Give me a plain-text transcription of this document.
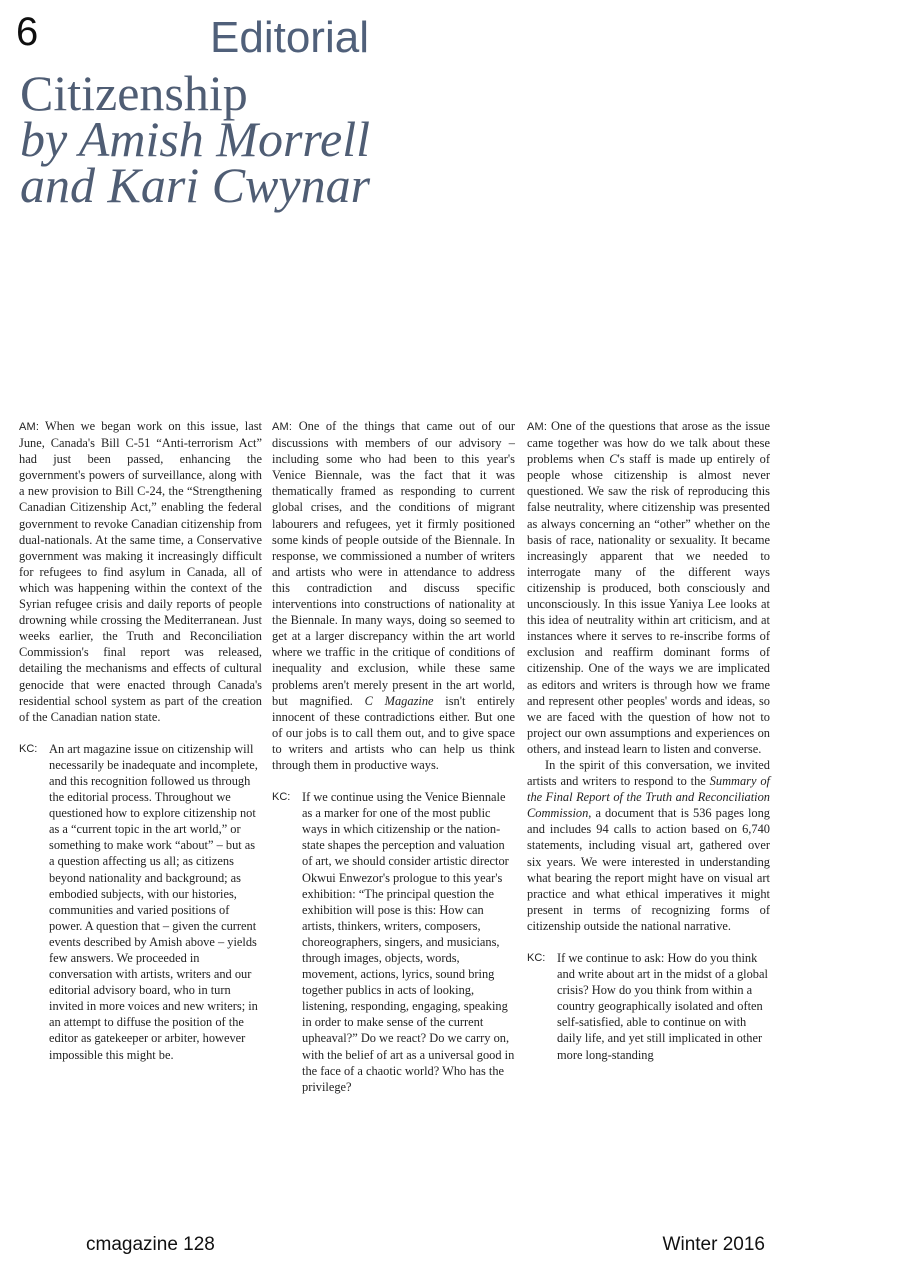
6	Editorial
Citizenship
by Amish Morrell
and Kari Cwynar

AM: When we began work on this issue, last June, Canada's Bill C-51 “Anti-terrorism Act” had just been passed, enhancing the government's powers of surveillance, along with a new provision to Bill C-24, the “Strengthening Canadian Citizenship Act,” enabling the federal government to revoke Canadian citizenship from dual-nationals. At the same time, a Conservative government was making it increasingly difficult for refugees to find asylum in Canada, all of which was happening within the context of the Syrian refugee crisis and daily reports of people drowning while crossing the Mediterranean. Just weeks earlier, the Truth and Reconciliation Commission's final report was released, detailing the mechanisms and effects of cultural genocide that were enacted through Canada's residential school system as part of the creation of the Canadian nation state.

KC: An art magazine issue on citizenship will necessarily be inadequate and incomplete, and this recognition followed us through the editorial process. Throughout we questioned how to explore citizenship not as a “current topic in the art world,” or something to make work “about” – but as a question affecting us all; as citizens beyond nationality and background; as embodied subjects, with our histories, communities and varied positions of power. A question that – given the current events described by Amish above – yields few answers. We proceeded in conversation with artists, writers and our editorial advisory board, who in turn invited in more voices and new writers; in an attempt to diffuse the position of the editor as gatekeeper or arbiter, however impossible this might be.

AM: One of the things that came out of our discussions with members of our advisory – including some who had been to this year's Venice Biennale, was the fact that it was thematically framed as responding to current global crises, and the conditions of migrant labourers and refugees, yet it firmly positioned some kinds of people outside of the Biennale. In response, we commissioned a number of writers and artists who were in attendance to address this contradiction and discuss specific interventions into constructions of nationality at the Biennale. In many ways, doing so seemed to get at a larger discrepancy within the art world where we traffic in the critique of conditions of inequality and exclusion, while these same problems aren't merely present in the art world, but magnified. C Magazine isn't entirely innocent of these contradictions either. But one of our jobs is to call them out, and to give space to writers and artists who can help us think through them in productive ways.

KC: If we continue using the Venice Biennale as a marker for one of the most public ways in which citizenship or the nation-state shapes the perception and valuation of art, we should consider artistic director Okwui Enwezor's prologue to this year's exhibition: “The principal question the exhibition will pose is this: How can artists, thinkers, writers, composers, choreographers, singers, and musicians, through images, objects, words, movement, actions, lyrics, sound bring together publics in acts of looking, listening, responding, engaging, speaking in order to make sense of the current upheaval?” Do we react? Do we carry on, with the belief of art as a universal good in the face of a chaotic world? Who has the privilege?

AM: One of the questions that arose as the issue came together was how do we talk about these problems when C's staff is made up entirely of people whose citizenship is almost never questioned. We saw the risk of reproducing this false neutrality, where citizenship was presented as always concerning an “other” whether on the basis of race, nationality or sexuality. It became increasingly apparent that we needed to interrogate many of the different ways citizenship is produced, both consciously and unconsciously. In this issue Yaniya Lee looks at this idea of neutrality within art criticism, and at instances where it serves to re-inscribe forms of exclusion and reaffirm dominant forms of citizenship. One of the ways we are implicated as editors and writers is through how we frame and represent other peoples' words and ideas, so we are faced with the question of how not to project our own assumptions and experiences on others, and instead learn to listen and converse.

In the spirit of this conversation, we invited artists and writers to respond to the Summary of the Final Report of the Truth and Reconciliation Commission, a document that is 536 pages long and includes 94 calls to action based on 6,740 statements, including visual art, gathered over six years. We were interested in understanding what bearing the report might have on visual art practice and what ethical imperatives it might present in terms of recognizing forms of citizenship outside the national narrative.

KC: If we continue to ask: How do you think and write about art in the midst of a global crisis? How do you think from within a country geographically isolated and often self-satisfied, able to continue on with daily life, and yet still implicated in other more long-standing
cmagazine 128	Winter 2016
